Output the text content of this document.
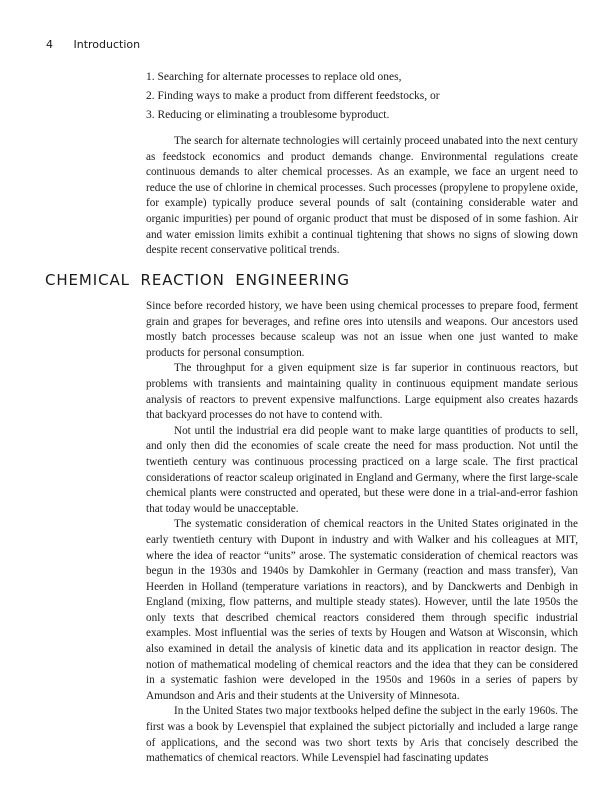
4 Introduction
1. Searching for alternate processes to replace old ones,
2. Finding ways to make a product from different feedstocks, or
3. Reducing or eliminating a troublesome byproduct.

The search for alternate technologies will certainly proceed unabated into the next century as feedstock economics and product demands change. Environmental regulations create continuous demands to alter chemical processes. As an example, we face an urgent need to reduce the use of chlorine in chemical processes. Such processes (propylene to propylene oxide, for example) typically produce several pounds of salt (containing considerable water and organic impurities) per pound of organic product that must be disposed of in some fashion. Air and water emission limits exhibit a continual tightening that shows no signs of slowing down despite recent conservative political trends.

CHEMICAL REACTION ENGINEERING

Since before recorded history, we have been using chemical processes to prepare food, ferment grain and grapes for beverages, and refine ores into utensils and weapons. Our ancestors used mostly batch processes because scaleup was not an issue when one just wanted to make products for personal consumption.

The throughput for a given equipment size is far superior in continuous reactors, but problems with transients and maintaining quality in continuous equipment mandate serious analysis of reactors to prevent expensive malfunctions. Large equipment also creates hazards that backyard processes do not have to contend with.

Not until the industrial era did people want to make large quantities of products to sell, and only then did the economies of scale create the need for mass production. Not until the twentieth century was continuous processing practiced on a large scale. The first practical considerations of reactor scaleup originated in England and Germany, where the first large-scale chemical plants were constructed and operated, but these were done in a trial-and-error fashion that today would be unacceptable.

The systematic consideration of chemical reactors in the United States originated in the early twentieth century with Dupont in industry and with Walker and his colleagues at MIT, where the idea of reactor “units” arose. The systematic consideration of chemical reactors was begun in the 1930s and 1940s by Damkohler in Germany (reaction and mass transfer), Van Heerden in Holland (temperature variations in reactors), and by Danckwerts and Denbigh in England (mixing, flow patterns, and multiple steady states). However, until the late 1950s the only texts that described chemical reactors considered them through specific industrial examples. Most influential was the series of texts by Hougen and Watson at Wisconsin, which also examined in detail the analysis of kinetic data and its application in reactor design. The notion of mathematical modeling of chemical reactors and the idea that they can be considered in a systematic fashion were developed in the 1950s and 1960s in a series of papers by Amundson and Aris and their students at the University of Minnesota.

In the United States two major textbooks helped define the subject in the early 1960s. The first was a book by Levenspiel that explained the subject pictorially and included a large range of applications, and the second was two short texts by Aris that concisely described the mathematics of chemical reactors. While Levenspiel had fascinating updates
